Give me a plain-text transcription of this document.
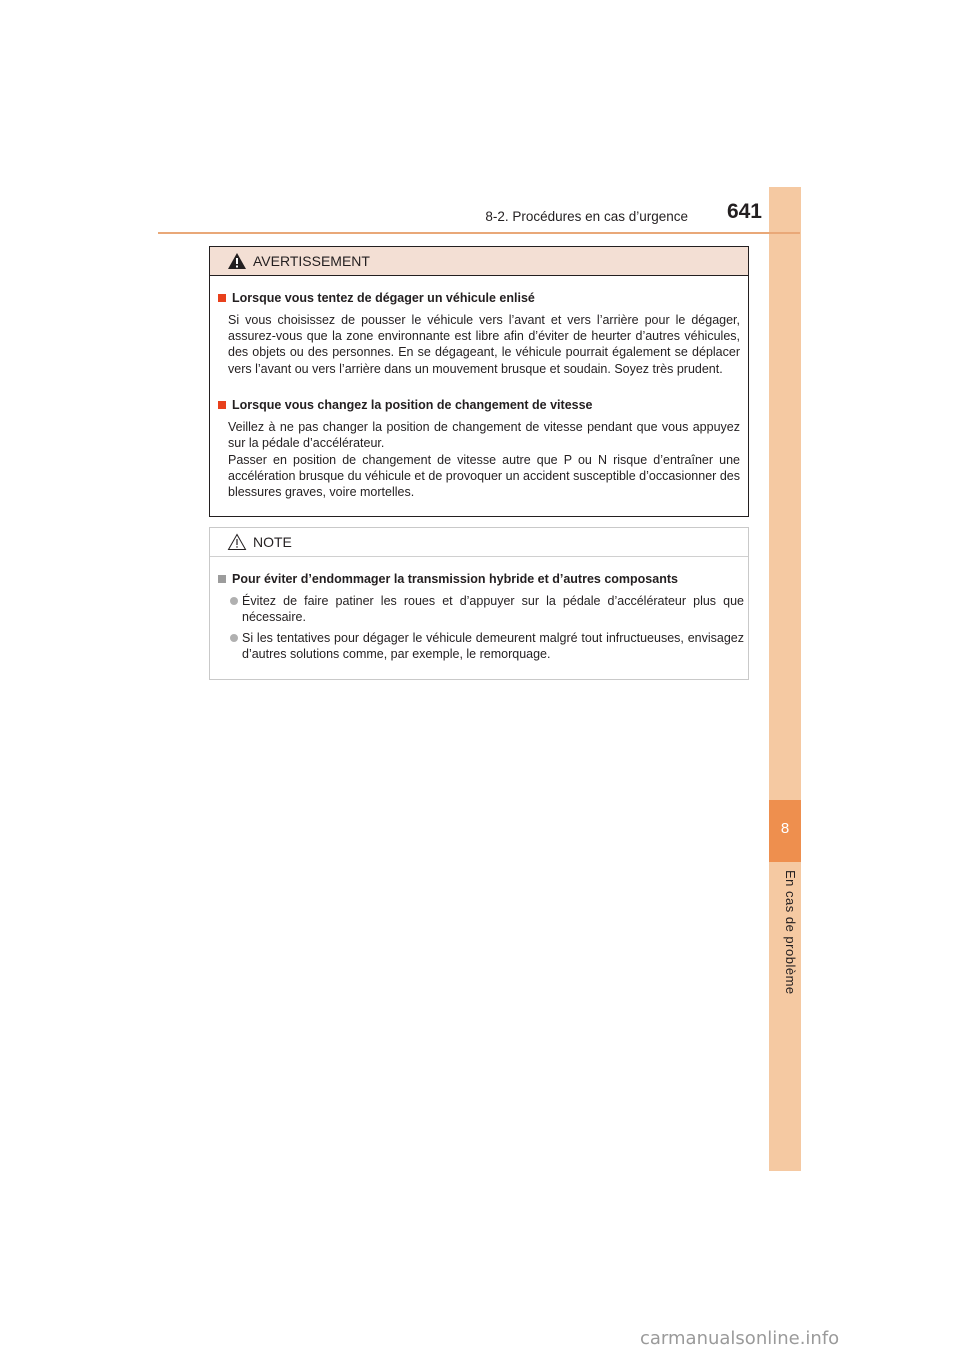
8
En cas de problème
8-2. Procédures en cas d’urgence	641
AVERTISSEMENT
Lorsque vous tentez de dégager un véhicule enlisé
Si vous choisissez de pousser le véhicule vers l’avant et vers l’arrière pour le dégager, assurez-vous que la zone environnante est libre afin d’éviter de heurter d’autres véhicules, des objets ou des personnes. En se dégageant, le véhicule pourrait également se déplacer vers l’avant ou vers l’arrière dans un mouvement brusque et soudain. Soyez très prudent.
Lorsque vous changez la position de changement de vitesse
Veillez à ne pas changer la position de changement de vitesse pendant que vous appuyez sur la pédale d’accélérateur.
Passer en position de changement de vitesse autre que P ou N risque d’entraîner une accélération brusque du véhicule et de provoquer un accident susceptible d’occasionner des blessures graves, voire mortelles.
NOTE
Pour éviter d’endommager la transmission hybride et d’autres composants
Évitez de faire patiner les roues et d’appuyer sur la pédale d’accélérateur plus que nécessaire.
Si les tentatives pour dégager le véhicule demeurent malgré tout infructueuses, envisagez d’autres solutions comme, par exemple, le remorquage.
carmanualsonline.info
